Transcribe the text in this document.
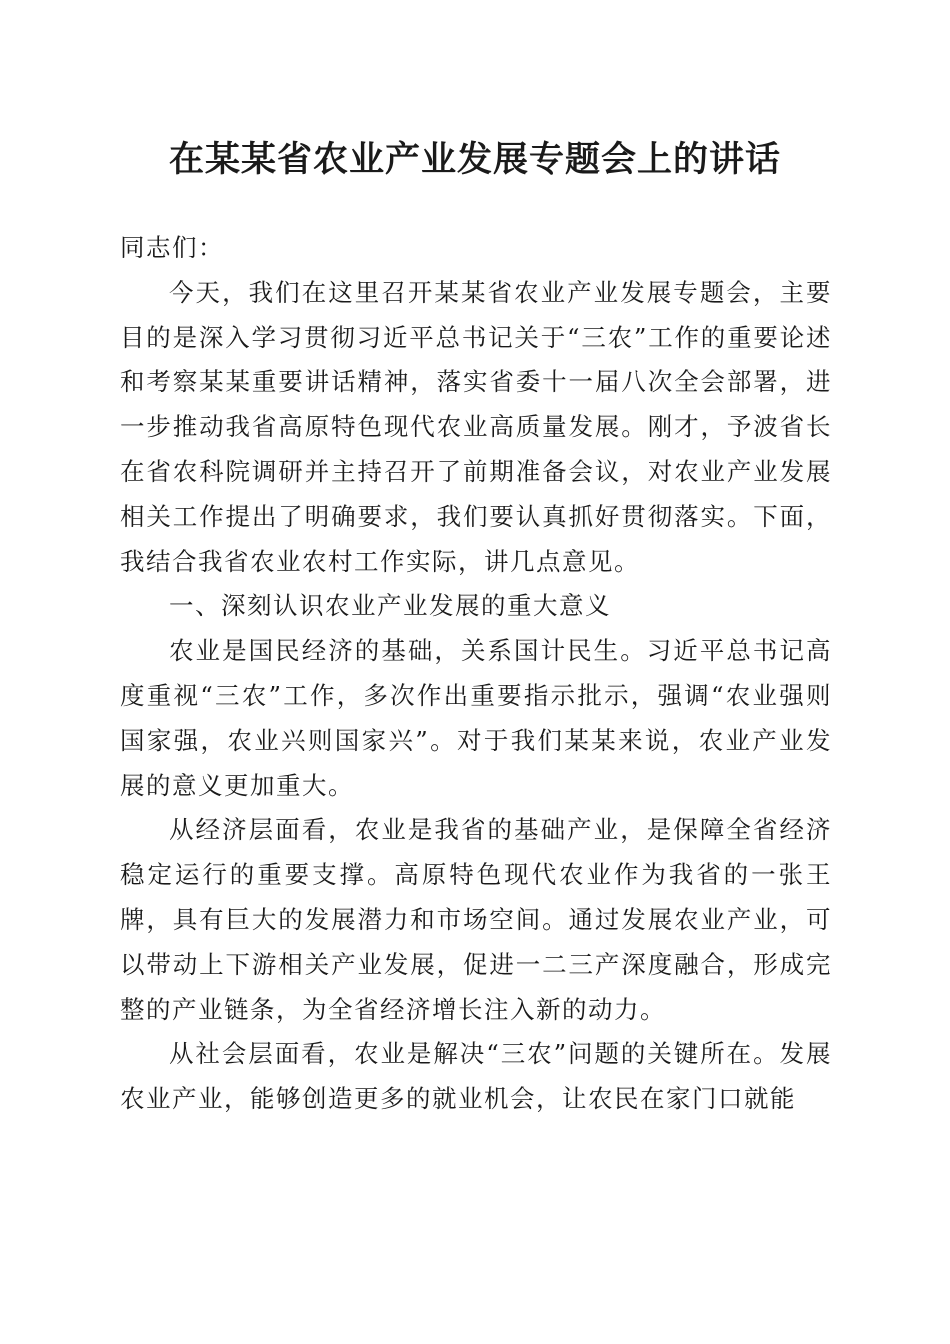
在某某省农业产业发展专题会上的讲话

同志们：

今天，我们在这里召开某某省农业产业发展专题会，主要目的是深入学习贯彻习近平总书记关于“三农”工作的重要论述和考察某某重要讲话精神，落实省委十一届八次全会部署，进一步推动我省高原特色现代农业高质量发展。刚才，予波省长在省农科院调研并主持召开了前期准备会议，对农业产业发展相关工作提出了明确要求，我们要认真抓好贯彻落实。下面，我结合我省农业农村工作实际，讲几点意见。

一、深刻认识农业产业发展的重大意义

农业是国民经济的基础，关系国计民生。习近平总书记高度重视“三农”工作，多次作出重要指示批示，强调“农业强则国家强，农业兴则国家兴”。对于我们某某来说，农业产业发展的意义更加重大。

从经济层面看，农业是我省的基础产业，是保障全省经济稳定运行的重要支撑。高原特色现代农业作为我省的一张王牌，具有巨大的发展潜力和市场空间。通过发展农业产业，可以带动上下游相关产业发展，促进一二三产深度融合，形成完整的产业链条，为全省经济增长注入新的动力。

从社会层面看，农业是解决“三农”问题的关键所在。发展农业产业，能够创造更多的就业机会，让农民在家门口就能
